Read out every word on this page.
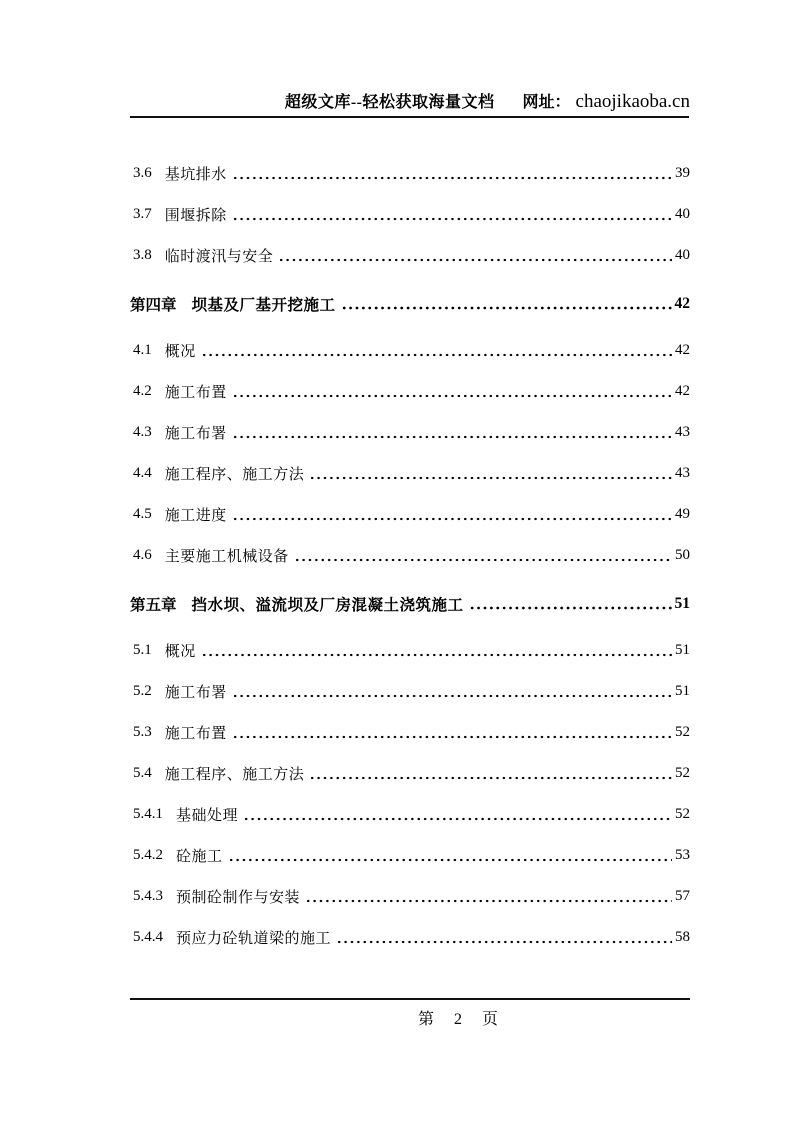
超级文库--轻松获取海量文档 网址： chaojikaoba.cn
3.6 基坑排水	39
3.7 围堰拆除	40
3.8 临时渡汛与安全	40
第四章 坝基及厂基开挖施工	42
4.1 概况	42
4.2 施工布置	42
4.3 施工布署	43
4.4 施工程序、施工方法	43
4.5 施工进度	49
4.6 主要施工机械设备	50
第五章 挡水坝、溢流坝及厂房混凝土浇筑施工	51
5.1 概况	51
5.2 施工布署	51
5.3 施工布置	52
5.4 施工程序、施工方法	52
5.4.1 基础处理	52
5.4.2 砼施工	53
5.4.3 预制砼制作与安装	57
5.4.4 预应力砼轨道梁的施工	58
第 2 页
